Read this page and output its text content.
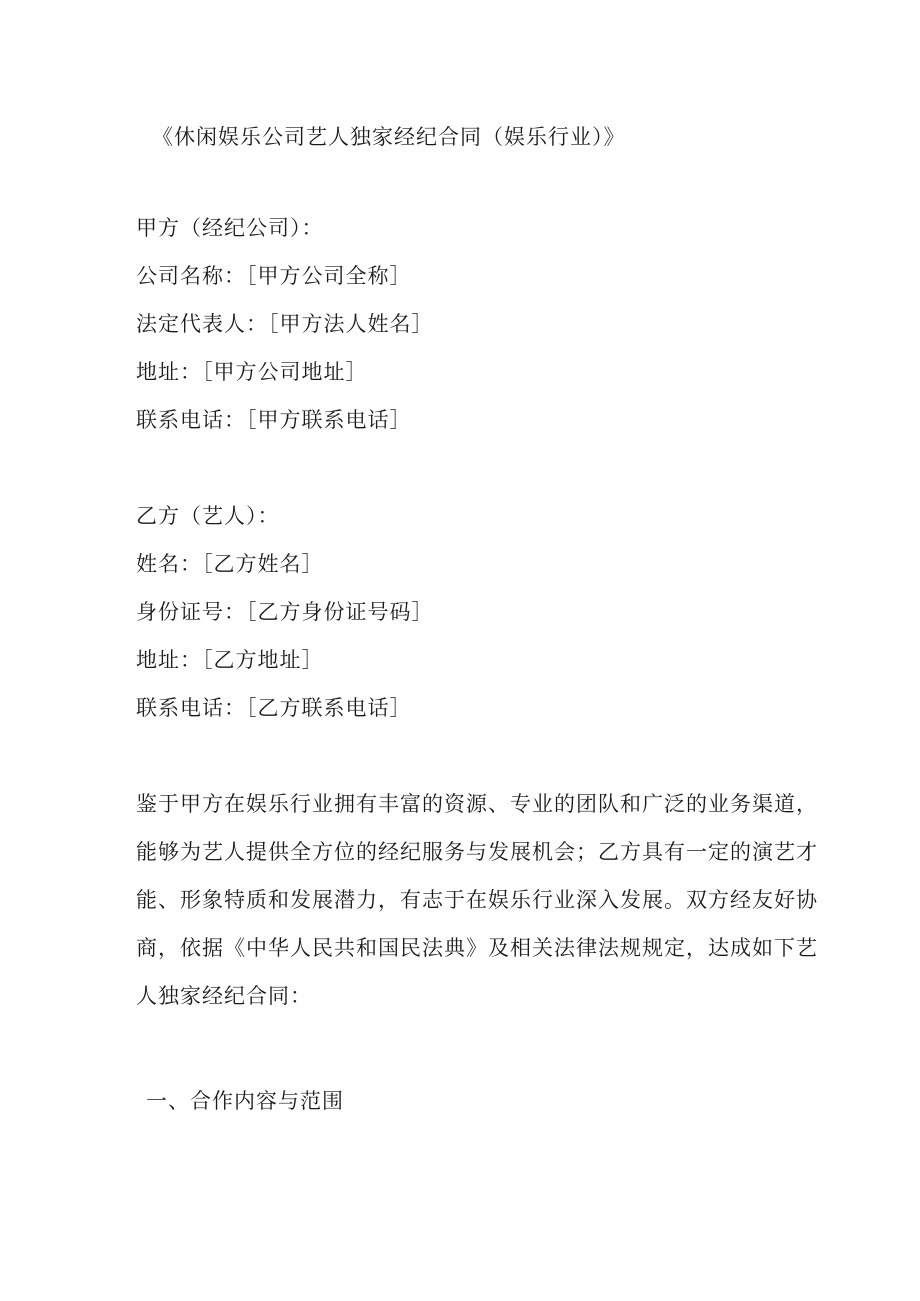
《休闲娱乐公司艺人独家经纪合同（娱乐行业）》
甲方（经纪公司）：
公司名称：［甲方公司全称］
法定代表人：［甲方法人姓名］
地址：［甲方公司地址］
联系电话：［甲方联系电话］
乙方（艺人）：
姓名：［乙方姓名］
身份证号：［乙方身份证号码］
地址：［乙方地址］
联系电话：［乙方联系电话］
鉴于甲方在娱乐行业拥有丰富的资源、专业的团队和广泛的业务渠道，
能够为艺人提供全方位的经纪服务与发展机会；乙方具有一定的演艺才
能、形象特质和发展潜力，有志于在娱乐行业深入发展。双方经友好协
商，依据《中华人民共和国民法典》及相关法律法规规定，达成如下艺
人独家经纪合同：
一、合作内容与范围
